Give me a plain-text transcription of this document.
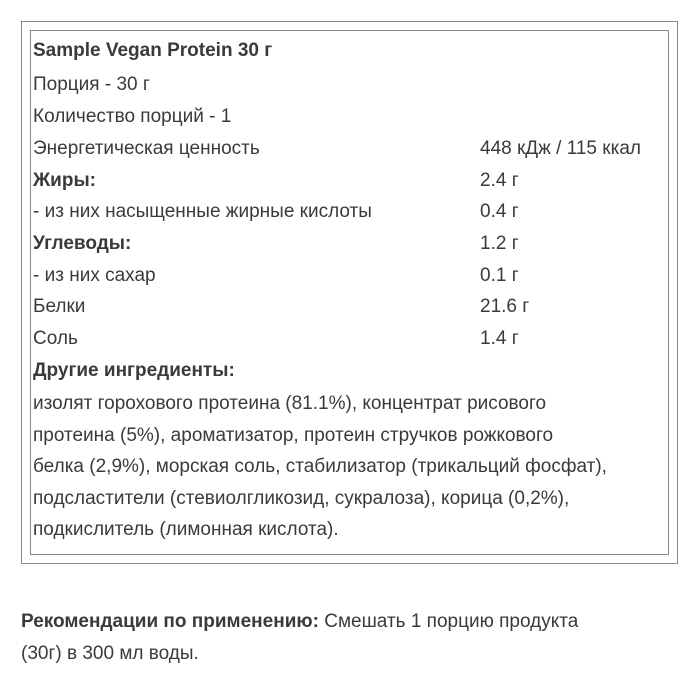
Sample Vegan Protein 30 г
Порция - 30 г
Количество порций - 1
Энергетическая ценность	448 кДж / 115 ккал
Жиры:	2.4 г
- из них насыщенные жирные кислоты	0.4 г
Углеводы:	1.2 г
- из них сахар	0.1 г
Белки	21.6 г
Соль	1.4 г
Другие ингредиенты:
изолят горохового протеина (81.1%), концентрат рисового
протеина (5%), ароматизатор, протеин стручков рожкового
белка (2,9%), морская соль, стабилизатор (трикальций фосфат),
подсластители (стевиолгликозид, сукралоза), корица (0,2%),
подкислитель (лимонная кислота).
Рекомендации по применению: Смешать 1 порцию продукта
(30г) в 300 мл воды.
